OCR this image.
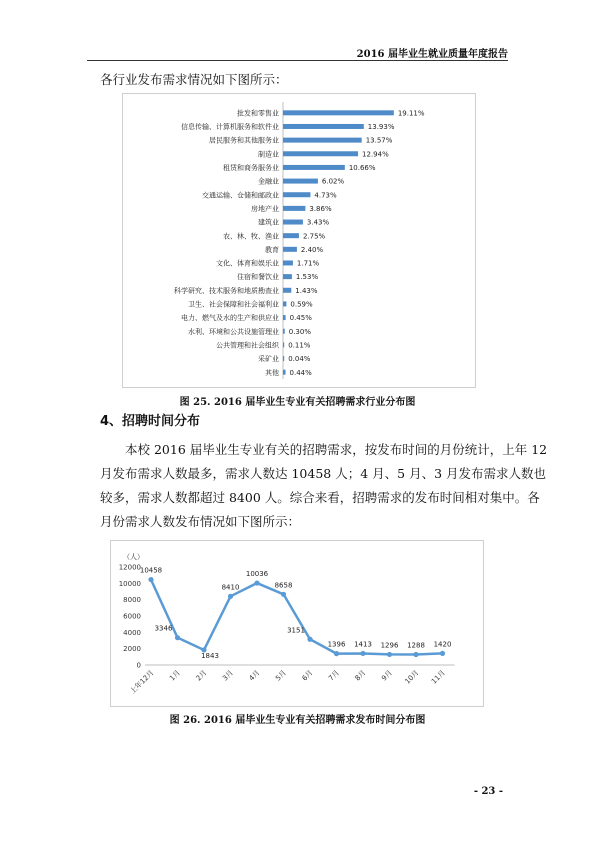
2016 届毕业生就业质量年度报告
各行业发布需求情况如下图所示：
批发和零售业	19.11%
信息传输、计算机服务和软件业	13.93%
居民服务和其他服务业	13.57%
制造业	12.94%
租赁和商务服务业	10.66%
金融业	6.02%
交通运输、仓储和邮政业	4.73%
房地产业	3.86%
建筑业	3.43%
农、林、牧、渔业	2.75%
教育	2.40%
文化、体育和娱乐业	1.71%
住宿和餐饮业 1.53%
科学研究、技术服务和地质勘查业 1.43%
卫生、社会保障和社会福利业 0.59%
电力、燃气及水的生产和供应业 0.45%
水利、环境和公共设施管理业 0.30%
公共管理和社会组织 0.11%
采矿业 0.04%
其他 0.44%
图 25. 2016 届毕业生专业有关招聘需求行业分布图
4、招聘时间分布
本校 2016 届毕业生专业有关的招聘需求，按发布时间的月份统计，上年 12
月发布需求人数最多，需求人数达 10458 人；4 月、5 月、3 月发布需求人数也
较多，需求人数都超过 8400 人。综合来看，招聘需求的发布时间相对集中。各
月份需求人数发布情况如下图所示：
（人）
0
2000
4000
6000
8000
10000
12000
10458
3346
1843
8410
10036
8658
3151
1396 1413 1296 1288 1420
上年12月 1月 2月 3月 4月 5月 6月 7月 8月 9月 10月 11月
图 26. 2016 届毕业生专业有关招聘需求发布时间分布图
- 23 -
